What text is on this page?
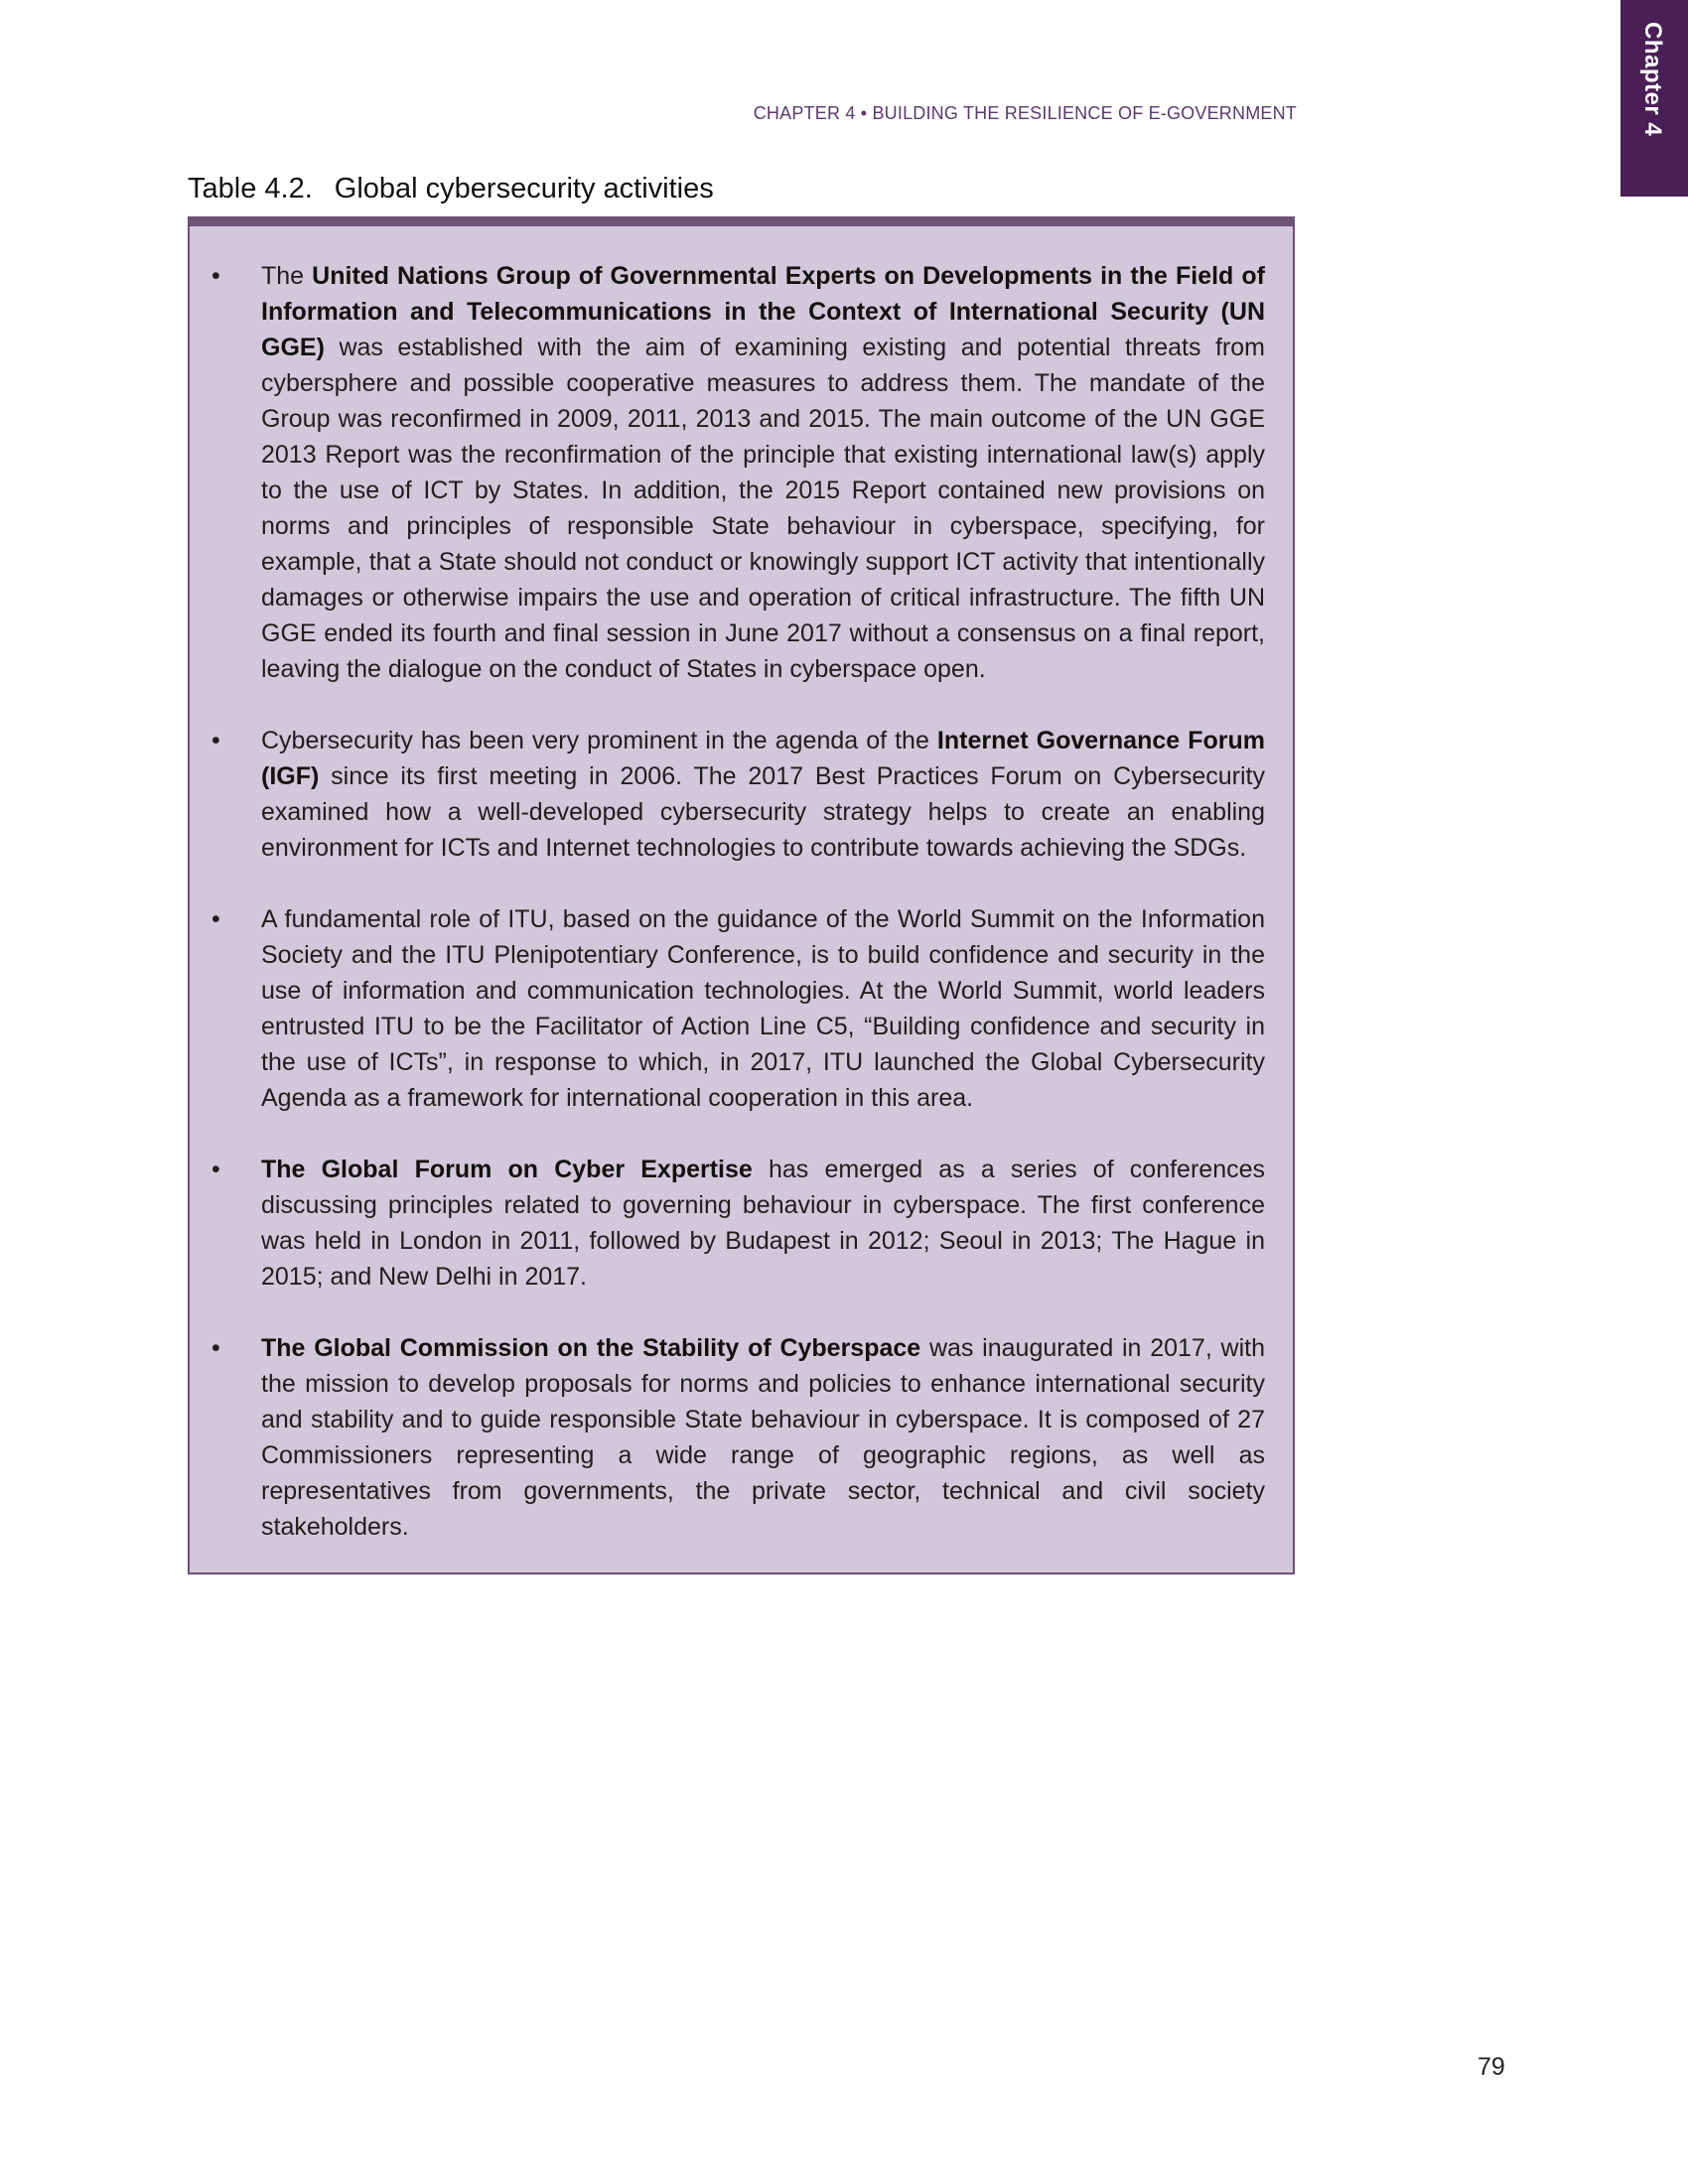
Chapter 4
CHAPTER 4 • BUILDING THE RESILIENCE OF E-GOVERNMENT
Table 4.2. Global cybersecurity activities
• The United Nations Group of Governmental Experts on Developments in the Field of Information and Telecommunications in the Context of International Security (UN GGE) was established with the aim of examining existing and potential threats from cybersphere and possible cooperative measures to address them. The mandate of the Group was reconfirmed in 2009, 2011, 2013 and 2015. The main outcome of the UN GGE 2013 Report was the reconfirmation of the principle that existing international law(s) apply to the use of ICT by States. In addition, the 2015 Report contained new provisions on norms and principles of responsible State behaviour in cyberspace, specifying, for example, that a State should not conduct or knowingly support ICT activity that intentionally damages or otherwise impairs the use and operation of critical infrastructure. The fifth UN GGE ended its fourth and final session in June 2017 without a consensus on a final report, leaving the dialogue on the conduct of States in cyberspace open.
• Cybersecurity has been very prominent in the agenda of the Internet Governance Forum (IGF) since its first meeting in 2006. The 2017 Best Practices Forum on Cybersecurity examined how a well-developed cybersecurity strategy helps to create an enabling environment for ICTs and Internet technologies to contribute towards achieving the SDGs.
• A fundamental role of ITU, based on the guidance of the World Summit on the Information Society and the ITU Plenipotentiary Conference, is to build confidence and security in the use of information and communication technologies. At the World Summit, world leaders entrusted ITU to be the Facilitator of Action Line C5, “Building confidence and security in the use of ICTs”, in response to which, in 2017, ITU launched the Global Cybersecurity Agenda as a framework for international cooperation in this area.
• The Global Forum on Cyber Expertise has emerged as a series of conferences discussing principles related to governing behaviour in cyberspace. The first conference was held in London in 2011, followed by Budapest in 2012; Seoul in 2013; The Hague in 2015; and New Delhi in 2017.
• The Global Commission on the Stability of Cyberspace was inaugurated in 2017, with the mission to develop proposals for norms and policies to enhance international security and stability and to guide responsible State behaviour in cyberspace. It is composed of 27 Commissioners representing a wide range of geographic regions, as well as representatives from governments, the private sector, technical and civil society stakeholders.
79
